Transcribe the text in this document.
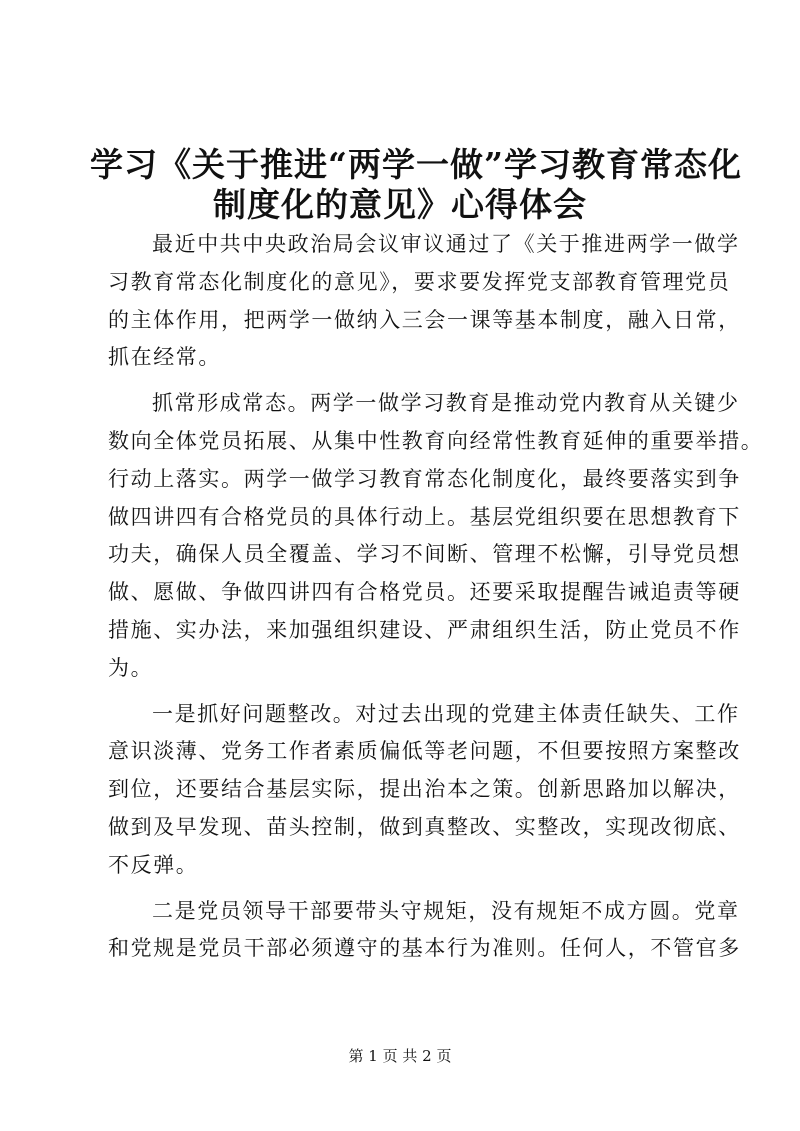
学习《关于推进“两学一做”学习教育常态化
制度化的意见》心得体会
最近中共中央政治局会议审议通过了《关于推进两学一做学
习教育常态化制度化的意见》，要求要发挥党支部教育管理党员
的主体作用，把两学一做纳入三会一课等基本制度，融入日常，
抓在经常。
抓常形成常态。两学一做学习教育是推动党内教育从关键少
数向全体党员拓展、从集中性教育向经常性教育延伸的重要举措。
行动上落实。两学一做学习教育常态化制度化，最终要落实到争
做四讲四有合格党员的具体行动上。基层党组织要在思想教育下
功夫，确保人员全覆盖、学习不间断、管理不松懈，引导党员想
做、愿做、争做四讲四有合格党员。还要采取提醒告诫追责等硬
措施、实办法，来加强组织建设、严肃组织生活，防止党员不作
为。
一是抓好问题整改。对过去出现的党建主体责任缺失、工作
意识淡薄、党务工作者素质偏低等老问题，不但要按照方案整改
到位，还要结合基层实际，提出治本之策。创新思路加以解决，
做到及早发现、苗头控制，做到真整改、实整改，实现改彻底、
不反弹。
二是党员领导干部要带头守规矩，没有规矩不成方圆。党章
和党规是党员干部必须遵守的基本行为准则。任何人，不管官多
第 1 页 共 2 页
